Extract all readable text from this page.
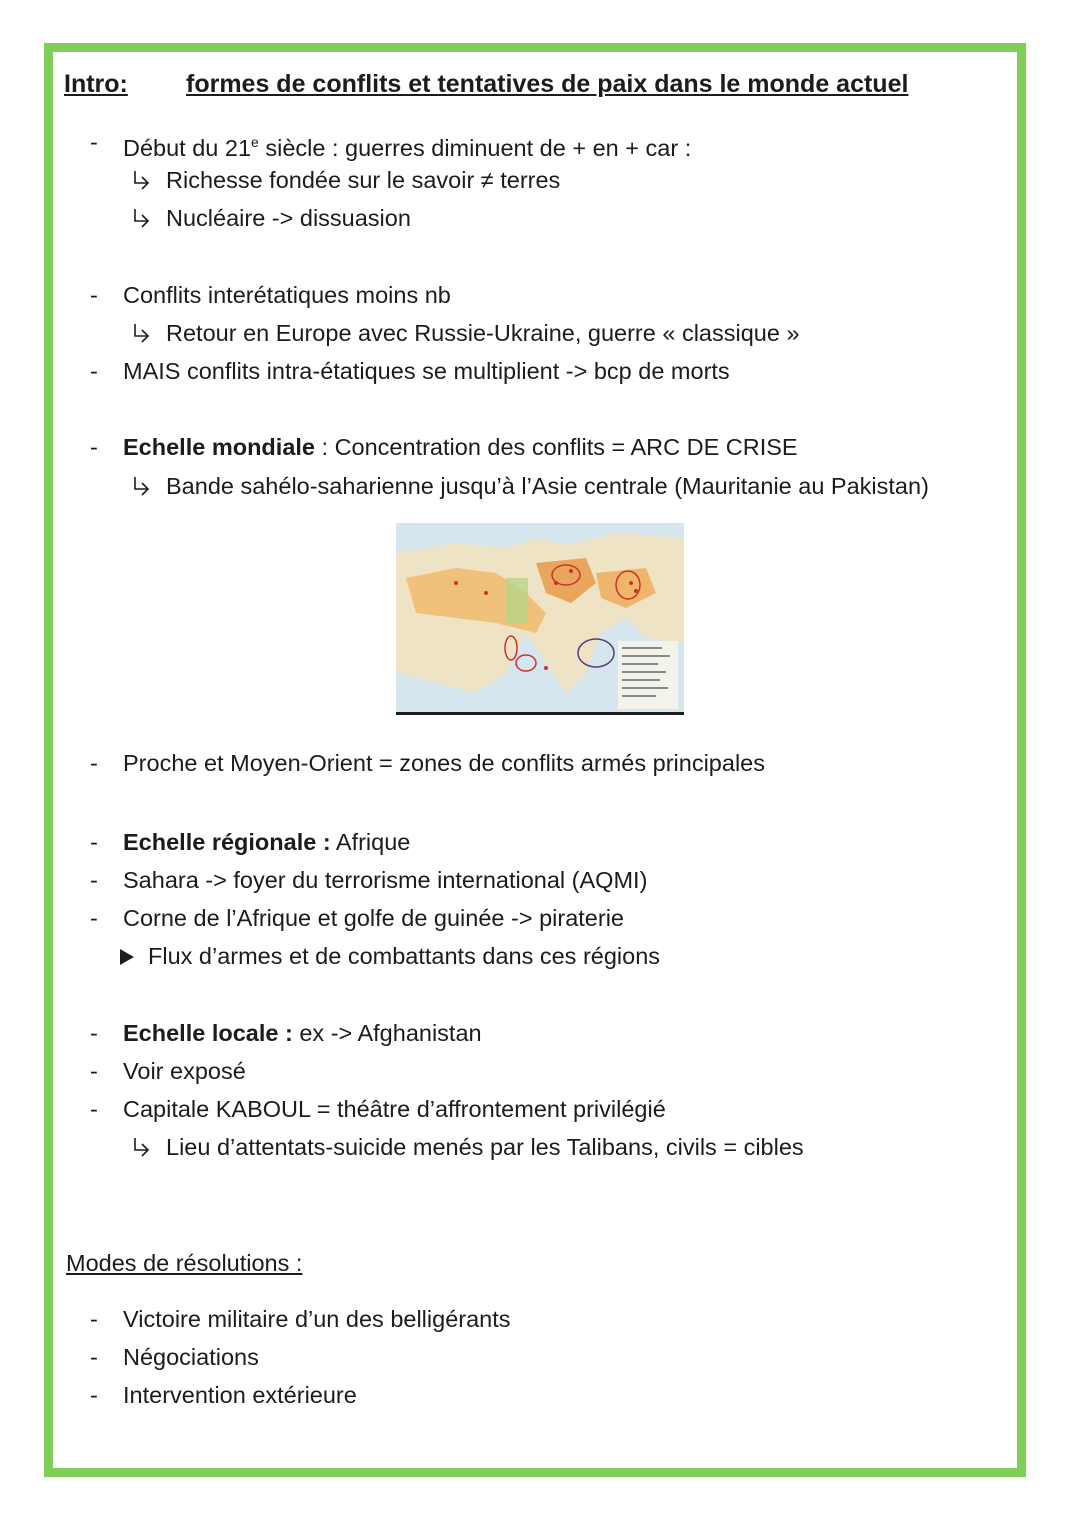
Intro: formes de conflits et tentatives de paix dans le monde actuel
- Début du 21e siècle : guerres diminuent de + en + car :
Richesse fondée sur le savoir ≠ terres
Nucléaire -> dissuasion
- Conflits interétatiques moins nb
Retour en Europe avec Russie-Ukraine, guerre « classique »
- MAIS conflits intra-étatiques se multiplient -> bcp de morts
- Echelle mondiale : Concentration des conflits = ARC DE CRISE
Bande sahélo-saharienne jusqu’à l’Asie centrale (Mauritanie au Pakistan)
- Proche et Moyen-Orient = zones de conflits armés principales
- Echelle régionale : Afrique
- Sahara -> foyer du terrorisme international (AQMI)
- Corne de l’Afrique et golfe de guinée -> piraterie
Flux d’armes et de combattants dans ces régions
- Echelle locale : ex -> Afghanistan
- Voir exposé
- Capitale KABOUL = théâtre d’affrontement privilégié
Lieu d’attentats-suicide menés par les Talibans, civils = cibles
Modes de résolutions :
- Victoire militaire d’un des belligérants
- Négociations
- Intervention extérieure
